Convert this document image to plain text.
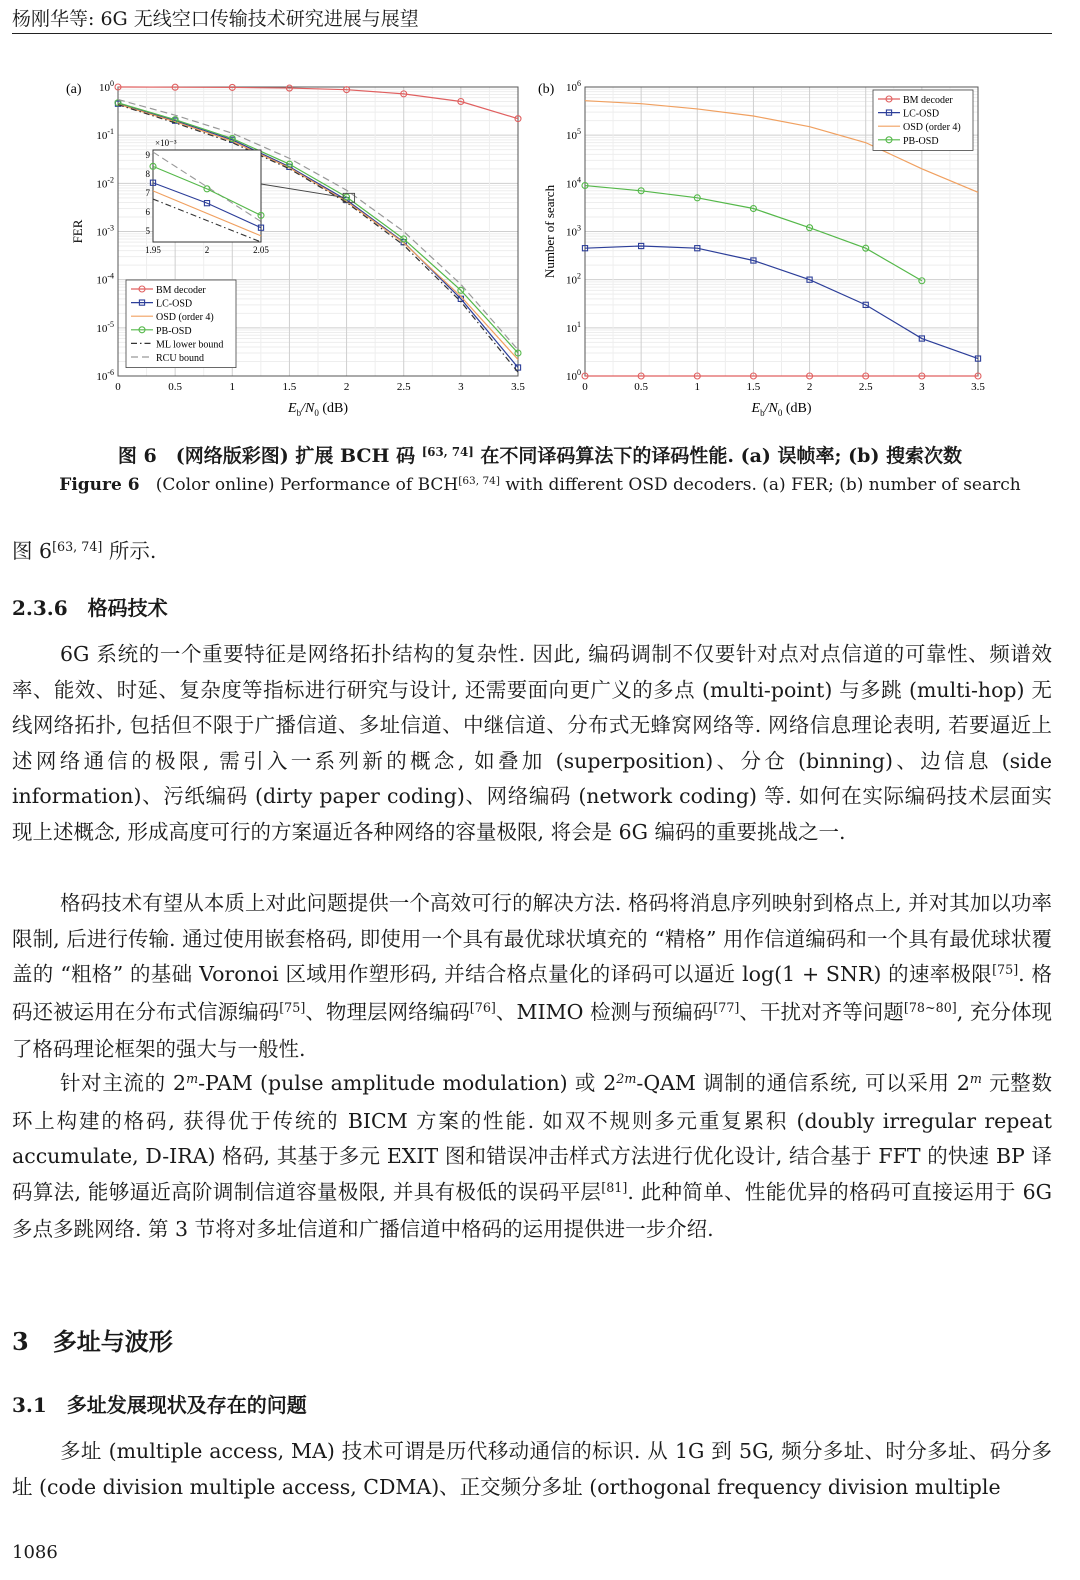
杨刚华等: 6G 无线空口传输技术研究进展与展望
0	0.5	1	1.5	2	2.5	3	3.5
$10^0$
$10^{-1}$
$10^{-2}$
$10^{-3}$
$10^{-4}$
$10^{-5}$
$10^{-6}$
$E_b/N_0$ (dB)
FER
(a)
BM decoder
LC-OSD
OSD (order 4)
PB-OSD
ML lower bound
RCU bound
×10⁻³
9
8
7
6
5
1.95	2	2.05
0	0.5	1	1.5	2	2.5	3	3.5
$10^6$
$10^5$
$10^4$
$10^3$
$10^2$
$10^1$
$10^0$
$E_b/N_0$ (dB)
Number of search
(b)
BM decoder
LC-OSD
OSD (order 4)
PB-OSD
图 6　(网络版彩图) 扩展 BCH 码 [63, 74] 在不同译码算法下的译码性能. (a) 误帧率; (b) 搜索次数
Figure 6 (Color online) Performance of BCH[63, 74] with different OSD decoders. (a) FER; (b) number of search
图 6[63, 74] 所示.
2.3.6　格码技术
6G 系统的一个重要特征是网络拓扑结构的复杂性. 因此, 编码调制不仅要针对点对点信道的可靠性、频谱效率、能效、时延、复杂度等指标进行研究与设计, 还需要面向更广义的多点 (multi-point) 与多跳 (multi-hop) 无线网络拓扑, 包括但不限于广播信道、多址信道、中继信道、分布式无蜂窝网络等. 网络信息理论表明, 若要逼近上述网络通信的极限, 需引入一系列新的概念, 如叠加 (superposition)、分仓 (binning)、边信息 (side information)、污纸编码 (dirty paper coding)、网络编码 (network coding) 等. 如何在实际编码技术层面实现上述概念, 形成高度可行的方案逼近各种网络的容量极限, 将会是 6G 编码的重要挑战之一.
格码技术有望从本质上对此问题提供一个高效可行的解决方法. 格码将消息序列映射到格点上, 并对其加以功率限制, 后进行传输. 通过使用嵌套格码, 即使用一个具有最优球状填充的 “精格” 用作信道编码和一个具有最优球状覆盖的 “粗格” 的基础 Voronoi 区域用作塑形码, 并结合格点量化的译码可以逼近 log(1 + SNR) 的速率极限[75]. 格码还被运用在分布式信源编码[75]、物理层网络编码[76]、MIMO 检测与预编码[77]、干扰对齐等问题[78~80], 充分体现了格码理论框架的强大与一般性.
针对主流的 2$^m$-PAM (pulse amplitude modulation) 或 $2^{2m}$-QAM 调制的通信系统, 可以采用 2$^m$ 元整数环上构建的格码, 获得优于传统的 BICM 方案的性能. 如双不规则多元重复累积 (doubly irregular repeat accumulate, D-IRA) 格码, 其基于多元 EXIT 图和错误冲击样式方法进行优化设计, 结合基于 FFT 的快速 BP 译码算法, 能够逼近高阶调制信道容量极限, 并具有极低的误码平层[81]. 此种简单、性能优异的格码可直接运用于 6G 多点多跳网络. 第 3 节将对多址信道和广播信道中格码的运用提供进一步介绍.
3　多址与波形
3.1　多址发展现状及存在的问题
多址 (multiple access, MA) 技术可谓是历代移动通信的标识. 从 1G 到 5G, 频分多址、时分多址、码分多址 (code division multiple access, CDMA)、正交频分多址 (orthogonal frequency division multiple
1086
